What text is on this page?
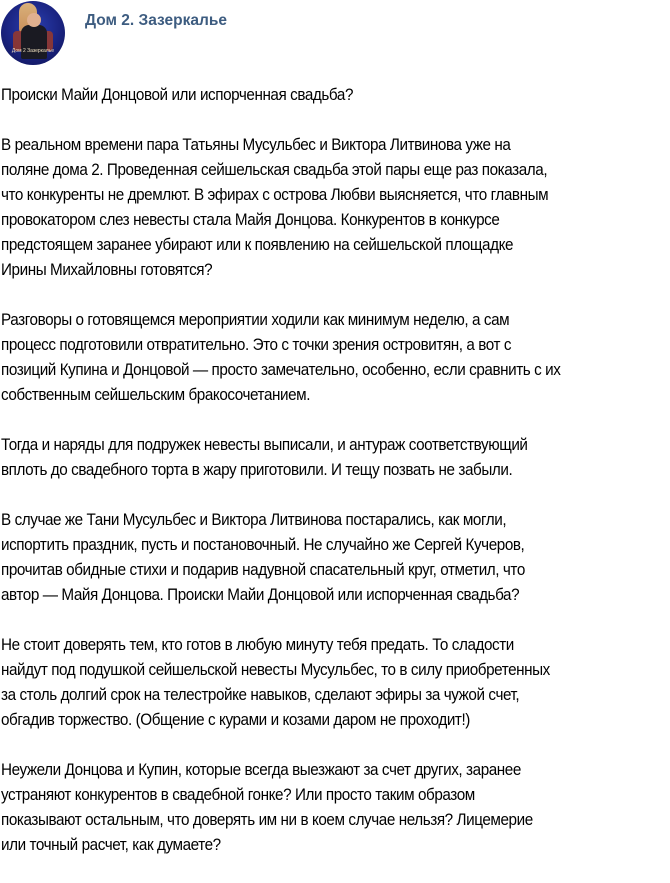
Дом 2 Зазеркалье
Дом 2. Зазеркалье

Происки Майи Донцовой или испорченная свадьба?

В реальном времени пара Татьяны Мусульбес и Виктора Литвинова уже на
поляне дома 2. Проведенная сейшельская свадьба этой пары еще раз показала,
что конкуренты не дремлют. В эфирах с острова Любви выясняется, что главным
провокатором слез невесты стала Майя Донцова. Конкурентов в конкурсе
предстоящем заранее убирают или к появлению на сейшельской площадке
Ирины Михайловны готовятся?

Разговоры о готовящемся мероприятии ходили как минимум неделю, а сам
процесс подготовили отвратительно. Это с точки зрения островитян, а вот с
позиций Купина и Донцовой — просто замечательно, особенно, если сравнить с их
собственным сейшельским бракосочетанием.

Тогда и наряды для подружек невесты выписали, и антураж соответствующий
вплоть до свадебного торта в жару приготовили. И тещу позвать не забыли.

В случае же Тани Мусульбес и Виктора Литвинова постарались, как могли,
испортить праздник, пусть и постановочный. Не случайно же Сергей Кучеров,
прочитав обидные стихи и подарив надувной спасательный круг, отметил, что
автор — Майя Донцова. Происки Майи Донцовой или испорченная свадьба?

Не стоит доверять тем, кто готов в любую минуту тебя предать. То сладости
найдут под подушкой сейшельской невесты Мусульбес, то в силу приобретенных
за столь долгий срок на телестройке навыков, сделают эфиры за чужой счет,
обгадив торжество. (Общение с курами и козами даром не проходит!)

Неужели Донцова и Купин, которые всегда выезжают за счет других, заранее
устраняют конкурентов в свадебной гонке? Или просто таким образом
показывают остальным, что доверять им ни в коем случае нельзя? Лицемерие
или точный расчет, как думаете?
